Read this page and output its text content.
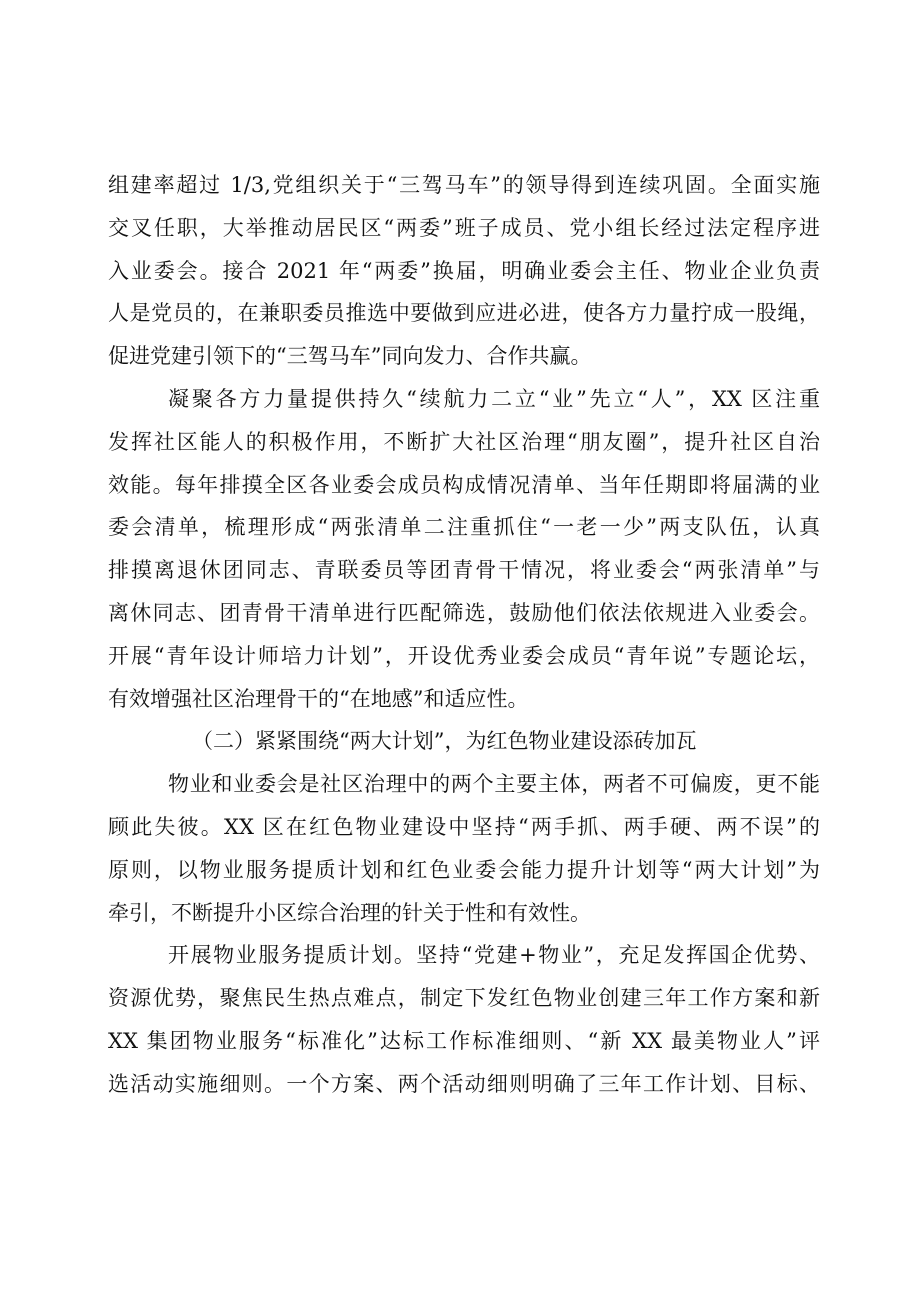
组建率超过 1/3,党组织关于“三驾马车”的领导得到连续巩固。全面实施
交叉任职，大举推动居民区“两委”班子成员、党小组长经过法定程序进
入业委会。接合 2021 年“两委”换届，明确业委会主任、物业企业负责
人是党员的，在兼职委员推选中要做到应进必进，使各方力量拧成一股绳，
促进党建引领下的“三驾马车”同向发力、合作共赢。

凝聚各方力量提供持久“续航力二立“业”先立“人”，XX 区注重
发挥社区能人的积极作用，不断扩大社区治理“朋友圈”，提升社区自治
效能。每年排摸全区各业委会成员构成情况清单、当年任期即将届满的业
委会清单，梳理形成“两张清单二注重抓住“一老一少”两支队伍，认真
排摸离退休团同志、青联委员等团青骨干情况，将业委会“两张清单”与
离休同志、团青骨干清单进行匹配筛选，鼓励他们依法依规进入业委会。
开展“青年设计师培力计划”，开设优秀业委会成员“青年说”专题论坛，
有效增强社区治理骨干的“在地感”和适应性。

（二）紧紧围绕“两大计划”，为红色物业建设添砖加瓦

物业和业委会是社区治理中的两个主要主体，两者不可偏废，更不能
顾此失彼。XX 区在红色物业建设中坚持“两手抓、两手硬、两不误”的
原则，以物业服务提质计划和红色业委会能力提升计划等“两大计划”为
牵引，不断提升小区综合治理的针关于性和有效性。

开展物业服务提质计划。坚持“党建+物业”，充足发挥国企优势、
资源优势，聚焦民生热点难点，制定下发红色物业创建三年工作方案和新
XX 集团物业服务“标准化”达标工作标准细则、“新 XX 最美物业人”评
选活动实施细则。一个方案、两个活动细则明确了三年工作计划、目标、
